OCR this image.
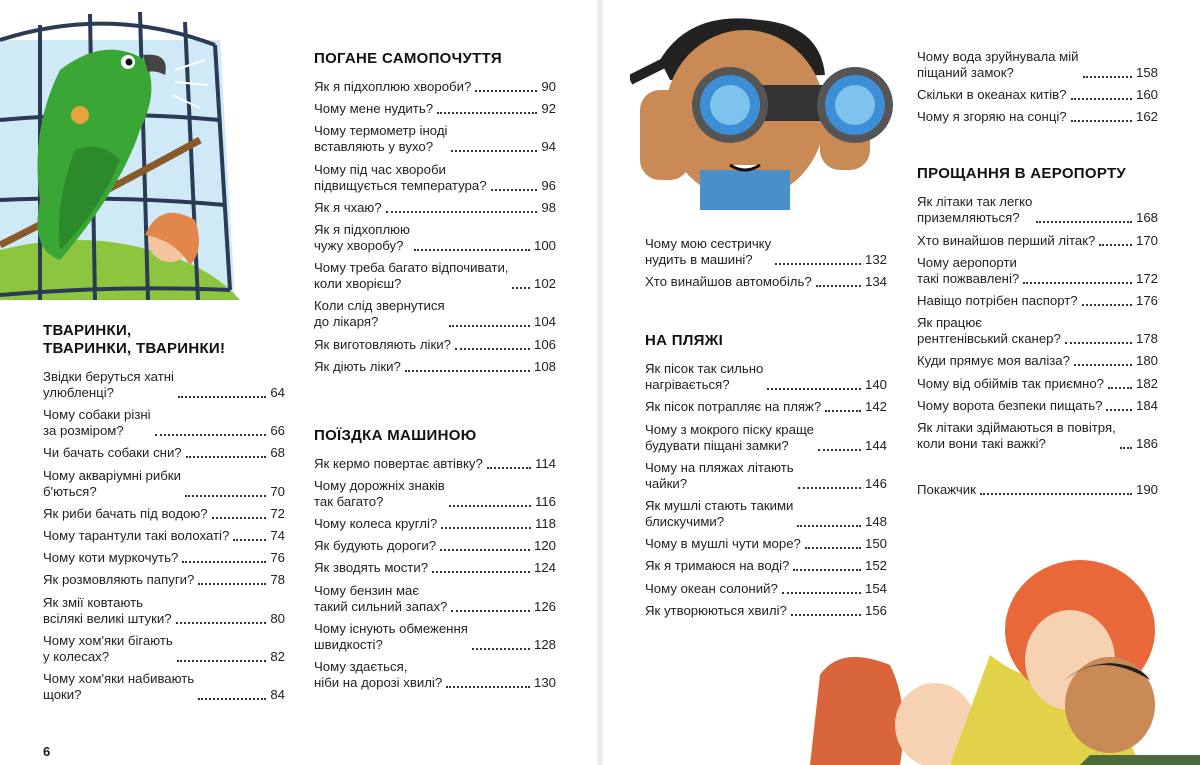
ТВАРИНКИ,
ТВАРИНКИ, ТВАРИНКИ!
Звідки беруться хатні
улюбленці?	64
Чому собаки різні
за розміром?	66
Чи бачать собаки сни?	68
Чому акваріумні рибки
б'ються?	70
Як риби бачать під водою?	72
Чому тарантули такі волохаті?	74
Чому коти муркочуть?	76
Як розмовляють папуги?	78
Як змії ковтають
всілякі великі штуки?	80
Чому хом'яки бігають
у колесах?	82
Чому хом'яки набивають
щоки?	84
ПОГАНЕ САМОПОЧУТТЯ
Як я підхоплюю хвороби?	90
Чому мене нудить?	92
Чому термометр іноді
вставляють у вухо?	94
Чому під час хвороби
підвищується температура?	96
Як я чхаю?	98
Як я підхоплюю
чужу хворобу?	100
Чому треба багато відпочивати,
коли хворієш?	102
Коли слід звернутися
до лікаря?	104
Як виготовляють ліки?	106
Як діють ліки?	108
ПОЇЗДКА МАШИНОЮ
Як кермо повертає автівку?	114
Чому дорожніх знаків
так багато?	116
Чому колеса круглі?	118
Як будують дороги?	120
Як зводять мости?	124
Чому бензин має
такий сильний запах?	126
Чому існують обмеження
швидкості?	128
Чому здається,
ніби на дорозі хвилі?	130
Чому мою сестричку
нудить в машині?	132
Хто винайшов автомобіль?	134
НА ПЛЯЖІ
Як пісок так сильно
нагрівається?	140
Як пісок потрапляє на пляж?	142
Чому з мокрого піску краще
будувати піщані замки?	144
Чому на пляжах літають
чайки?	146
Як мушлі стають такими
блискучими?	148
Чому в мушлі чути море?	150
Як я тримаюся на воді?	152
Чому океан солоний?	154
Як утворюються хвилі?	156
Чому вода зруйнувала мій
піщаний замок?	158
Скільки в океанах китів?	160
Чому я згоряю на сонці?	162
ПРОЩАННЯ В АЕРОПОРТУ
Як літаки так легко
приземляються?	168
Хто винайшов перший літак?	170
Чому аеропорти
такі пожвавлені?	172
Навіщо потрібен паспорт?	176
Як працює
рентгенівський сканер?	178
Куди прямує моя валіза?	180
Чому від обіймів так приємно? 182
Чому ворота безпеки пищать?	184
Як літаки здіймаються в повітря,
коли вони такі важкі?	186
Покажчик	190
6
